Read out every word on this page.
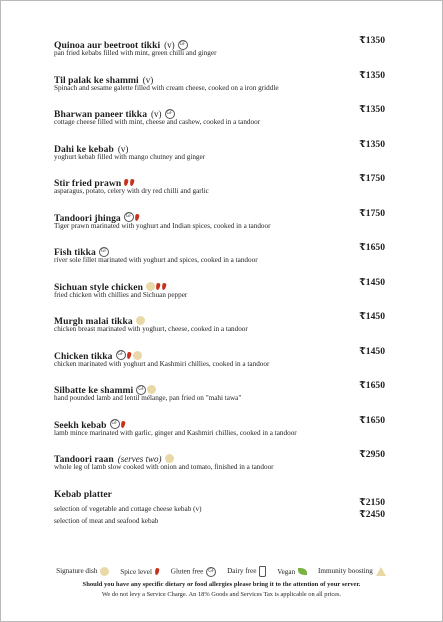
Quinoa aur beetroot tikki (v) GF	₹1350
pan fried kebabs filled with mint, green chilli and ginger
Til palak ke shammi (v)	₹1350
Spinach and sesame galette filled with cream cheese, cooked on a iron griddle
Bharwan paneer tikka (v) GF	₹1350
cottage cheese filled with mint, cheese and cashew, cooked in a tandoor
Dahi ke kebab (v)	₹1350
yoghurt kebab filled with mango chutney and ginger
Stir fried prawn	₹1750
asparagus, potato, celery with dry red chilli and garlic
Tandoori jhinga GF	₹1750
Tiger prawn marinated with yoghurt and Indian spices, cooked in a tandoor
Fish tikka GF	₹1650
river sole fillet marinated with yoghurt and spices, cooked in a tandoor
Sichuan style chicken	₹1450
fried chicken with chillies and Sichuan pepper
Murgh malai tikka	₹1450
chicken breast marinated with yoghurt, cheese, cooked in a tandoor
Chicken tikka GF	₹1450
chicken marinated with yoghurt and Kashmiri chillies, cooked in a tandoor
Silbatte ke shammi GF	₹1650
hand pounded lamb and lentil mélange, pan fried on "mahi tawa"
Seekh kebab GF	₹1650
lamb mince marinated with garlic, ginger and Kashmiri chillies, cooked in a tandoor
Tandoori raan (serves two)	₹2950
whole leg of lamb slow cooked with onion and tomato, finished in a tandoor
Kebab platter
selection of vegetable and cottage cheese kebab (v)
₹2150
selection of meat and seafood kebab
₹2450
Signature dish	Spice level	Gluten free GF Dairy free	Vegan	Immunity boosting
Should you have any specific dietary or food allergies please bring it to the attention of your server.
We do not levy a Service Charge. An 18% Goods and Services Tax is applicable on all prices.
